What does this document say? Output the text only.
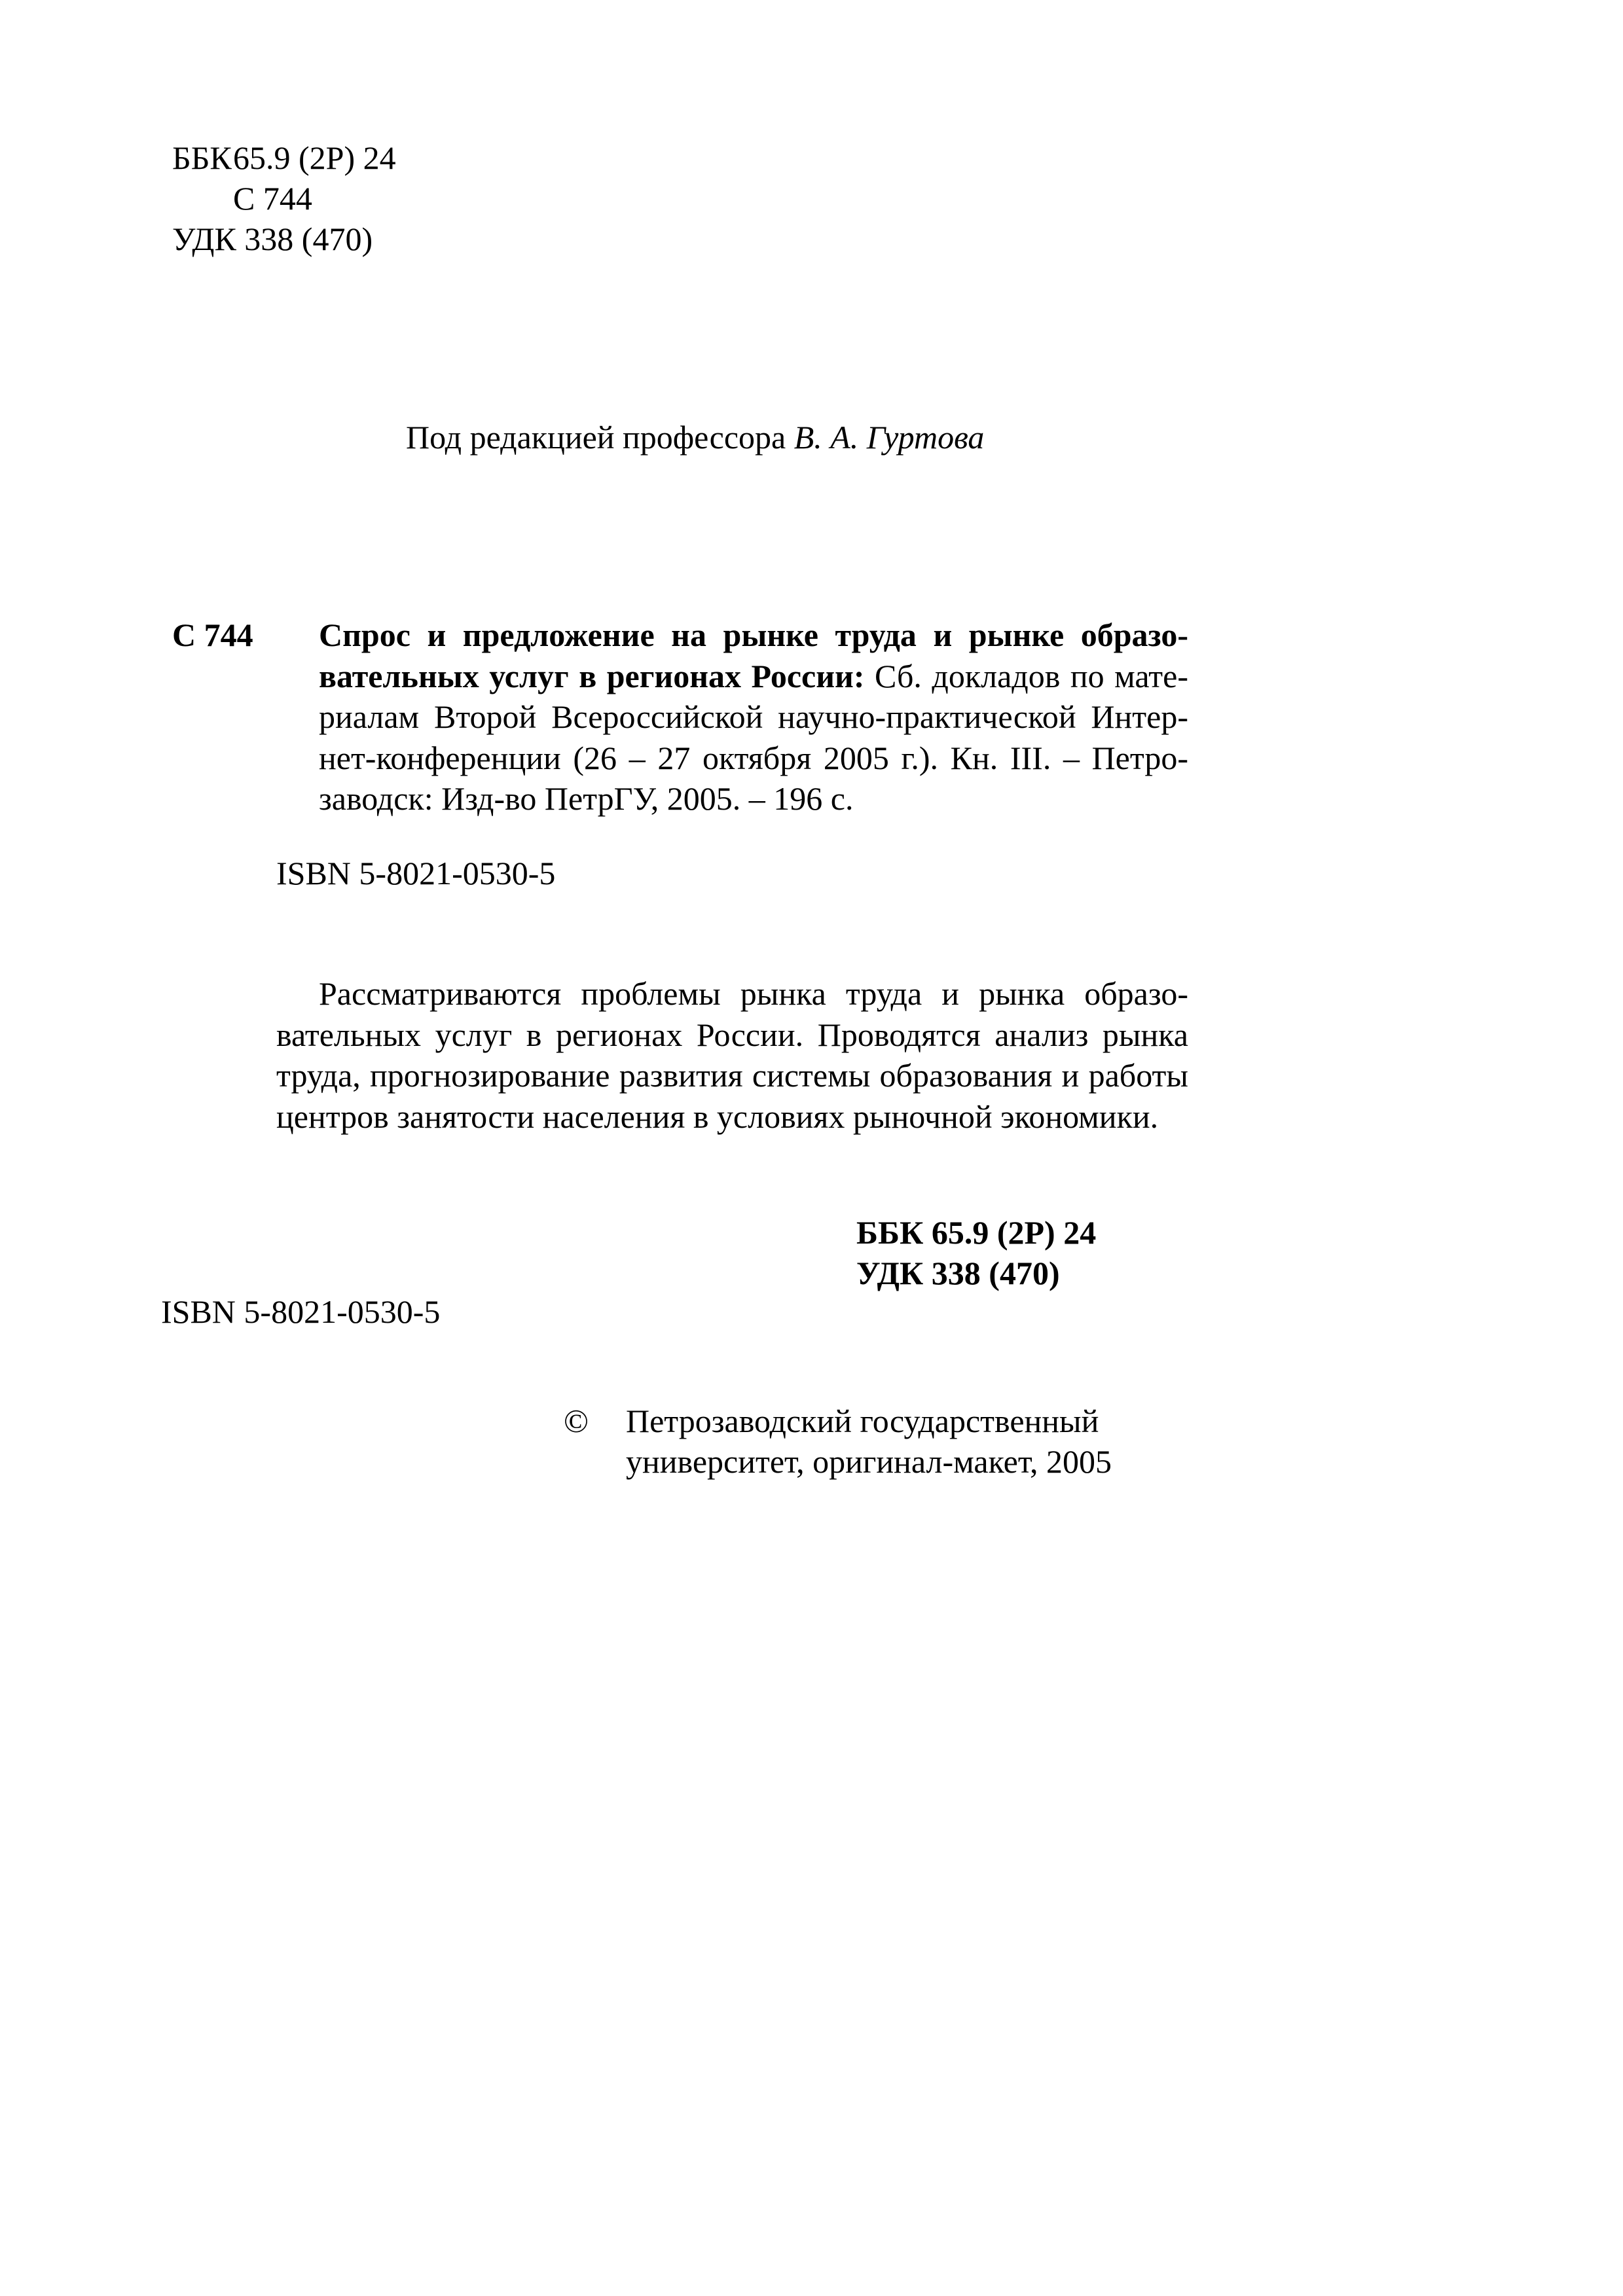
ББК65.9 (2Р) 24
С 744
УДК 338 (470)
Под редакцией профессора В. А. Гуртова
С 744 Спрос и предложение на рынке труда и рынке образовательных услуг в регионах России: Сб. докладов по материалам Второй Всероссийской научно-практической Интернет-конференции (26 – 27 октября 2005 г.). Кн. III. – Петрозаводск: Изд-во ПетрГУ, 2005. – 196 с.
ISBN 5-8021-0530-5
Рассматриваются проблемы рынка труда и рынка образовательных услуг в регионах России. Проводятся анализ рынка труда, прогнозирование развития системы образования и работы центров занятости населения в условиях рыночной экономики.
ББК 65.9 (2Р) 24
УДК 338 (470)
ISBN 5-8021-0530-5
© Петрозаводский государственный
университет, оригинал-макет, 2005
